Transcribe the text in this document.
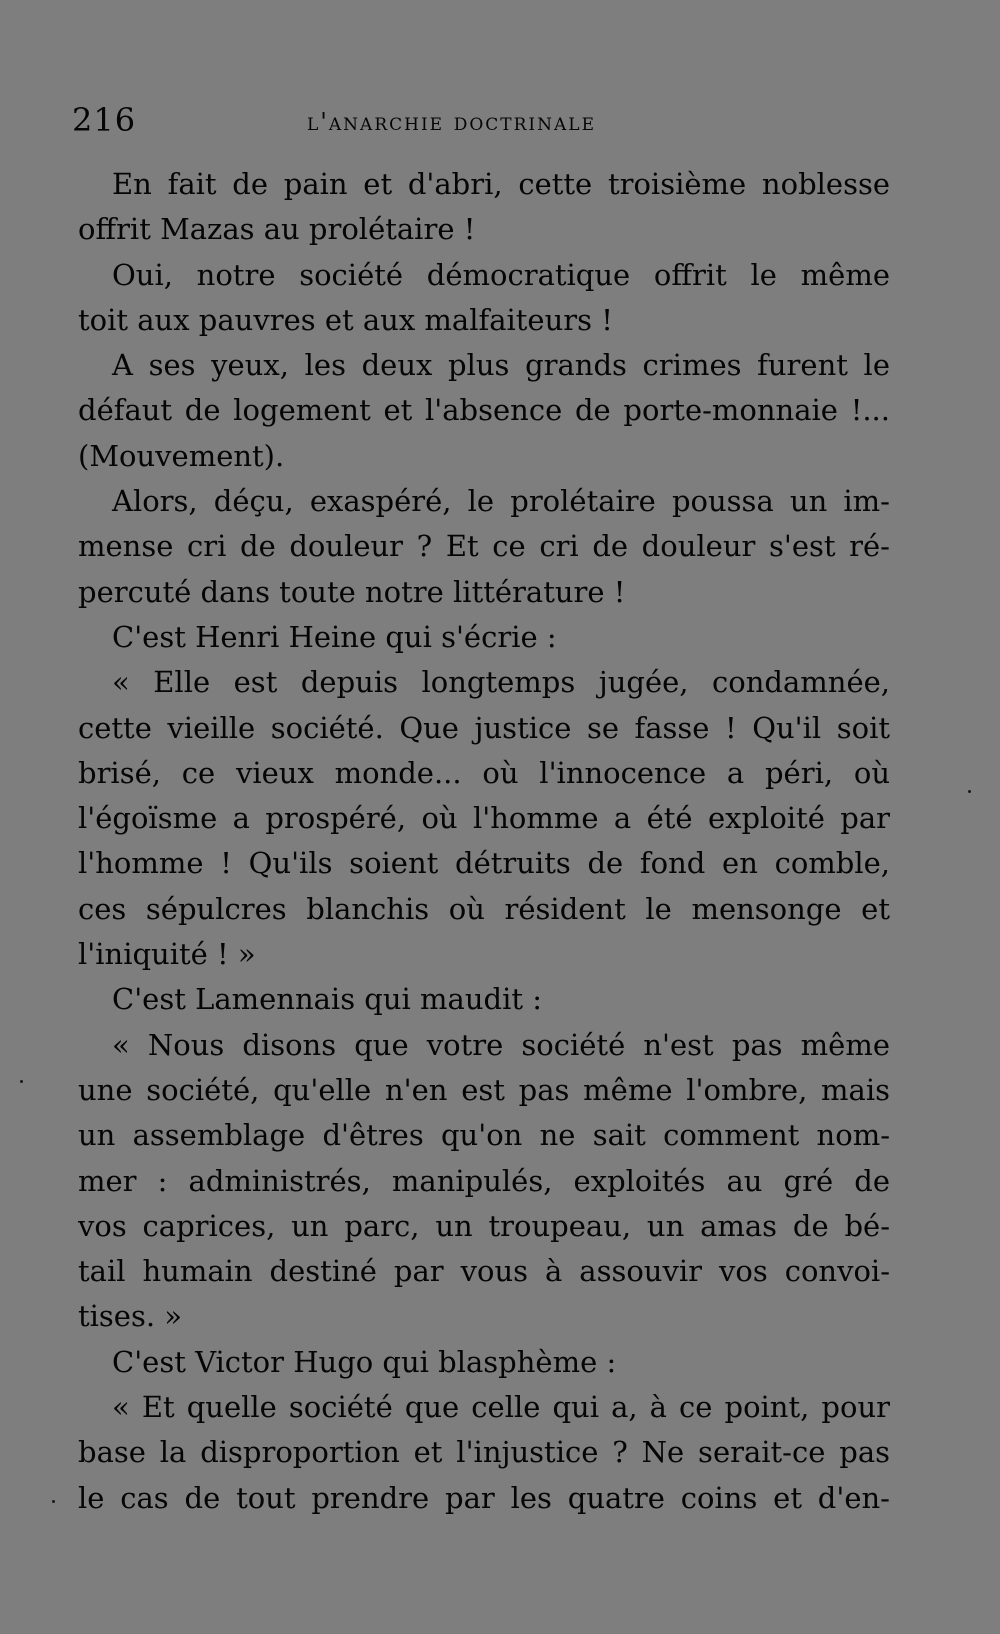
216	l'anarchie doctrinale
En fait de pain et d'abri, cette troisième noblesse
offrit Mazas au prolétaire !
Oui, notre société démocratique offrit le même
toit aux pauvres et aux malfaiteurs !
A ses yeux, les deux plus grands crimes furent le
défaut de logement et l'absence de porte-monnaie !...
(Mouvement).
Alors, déçu, exaspéré, le prolétaire poussa un im-
mense cri de douleur ? Et ce cri de douleur s'est ré-
percuté dans toute notre littérature !
C'est Henri Heine qui s'écrie :
« Elle est depuis longtemps jugée, condamnée,
cette vieille société. Que justice se fasse ! Qu'il soit
brisé, ce vieux monde... où l'innocence a péri, où
l'égoïsme a prospéré, où l'homme a été exploité par
l'homme ! Qu'ils soient détruits de fond en comble,
ces sépulcres blanchis où résident le mensonge et
l'iniquité ! »
C'est Lamennais qui maudit :
« Nous disons que votre société n'est pas même
une société, qu'elle n'en est pas même l'ombre, mais
un assemblage d'êtres qu'on ne sait comment nom-
mer : administrés, manipulés, exploités au gré de
vos caprices, un parc, un troupeau, un amas de bé-
tail humain destiné par vous à assouvir vos convoi-
tises. »
C'est Victor Hugo qui blasphème :
« Et quelle société que celle qui a, à ce point, pour
base la disproportion et l'injustice ? Ne serait-ce pas
le cas de tout prendre par les quatre coins et d'en-
